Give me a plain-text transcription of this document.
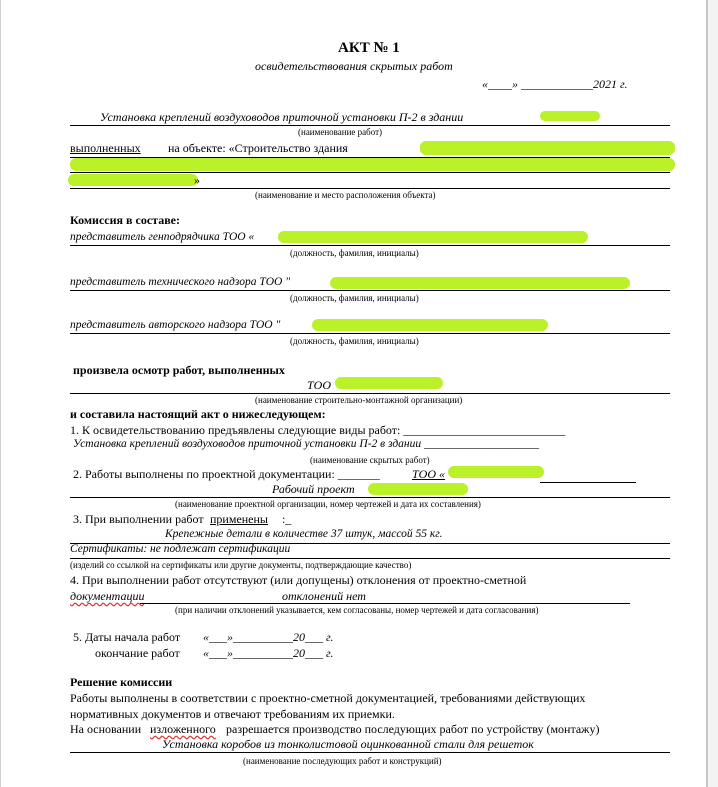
АКТ № 1
освидетельствования скрытых работ
«____» ____________2021 г.
Установка креплений воздуховодов приточной установки П-2 в здании
(наименование работ)
выполненных на объекте: «Строительство здания
»
(наименование и место расположения объекта)
Комиссия в составе:
представитель генподрядчика ТОО «
(должность, фамилия, инициалы)
представитель технического надзора ТОО "
(должность, фамилия, инициалы)
представитель авторского надзора ТОО "
(должность, фамилия, инициалы)
произвела осмотр работ, выполненных
ТОО
(наименование строительно-монтажной организации)
и составила настоящий акт о нижеследующем:
1. К освидетельствованию предъявлены следующие виды работ: ___________________________
Установка креплений воздуховодов приточной установки П-2 в здании ____________________
(наименование скрытых работ)
2. Работы выполнены по проектной документации: _______	ТОО «
Рабочий проект
(наименование проектной организации, номер чертежей и дата их составления)
3. При выполнении работ применены :_
Крепежные детали в количестве 37 штук, массой 55 кг.
Сертификаты: не подлежат сертификации
(изделий со ссылкой на сертификаты или другие документы, подтверждающие качество)
4. При выполнении работ отсутствуют (или допущены) отклонения от проектно-сметной
документации	отклонений нет
(при наличии отклонений указывается, кем согласованы, номер чертежей и дата согласования)
5. Даты начала работ «___»__________20___ г.
окончание работ «___»__________20___ г.
Решение комиссии
Работы выполнены в соответствии с проектно-сметной документацией, требованиями действующих
нормативных документов и отвечают требованиям их приемки.
На основании изложенного разрешается производство последующих работ по устройству (монтажу)
Установка коробов из тонколистовой оцинкованной стали для решеток
(наименование последующих работ и конструкций)
